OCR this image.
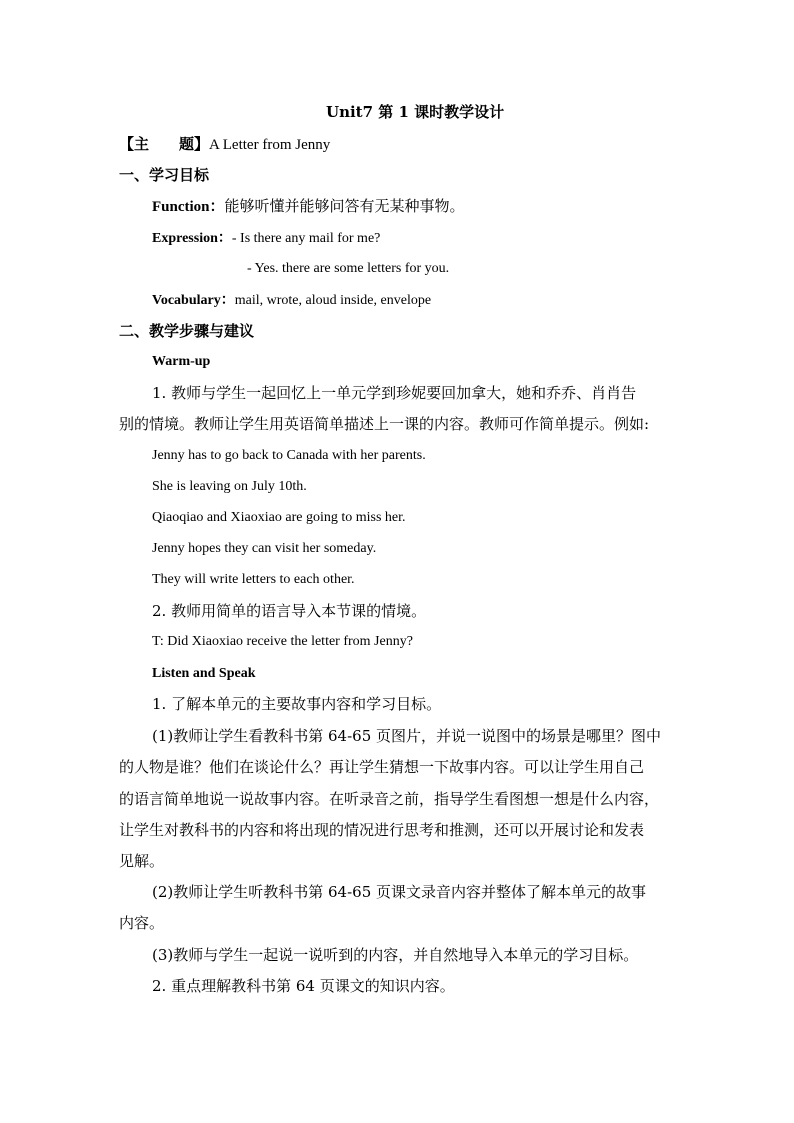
Unit7 第 1 课时教学设计
【主　　题】A Letter from Jenny
一、学习目标
Function：能够听懂并能够问答有无某种事物。
Expression：- Is there any mail for me?
- Yes. there are some letters for you.
Vocabulary：mail, wrote, aloud inside, envelope
二、教学步骤与建议
Warm-up
1. 教师与学生一起回忆上一单元学到珍妮要回加拿大，她和乔乔、肖肖告
别的情境。教师让学生用英语简单描述上一课的内容。教师可作简单提示。例如:
Jenny has to go back to Canada with her parents.
She is leaving on July 10th.
Qiaoqiao and Xiaoxiao are going to miss her.
Jenny hopes they can visit her someday.
They will write letters to each other.
2. 教师用简单的语言导入本节课的情境。
T: Did Xiaoxiao receive the letter from Jenny?
Listen and Speak
1. 了解本单元的主要故事内容和学习目标。
(1)教师让学生看教科书第 64-65 页图片，并说一说图中的场景是哪里？图中
的人物是谁？他们在谈论什么？再让学生猜想一下故事内容。可以让学生用自己
的语言简单地说一说故事内容。在听录音之前，指导学生看图想一想是什么内容，
让学生对教科书的内容和将出现的情况进行思考和推测，还可以开展讨论和发表
见解。
(2)教师让学生听教科书第 64-65 页课文录音内容并整体了解本单元的故事
内容。
(3)教师与学生一起说一说听到的内容，并自然地导入本单元的学习目标。
2. 重点理解教科书第 64 页课文的知识内容。
